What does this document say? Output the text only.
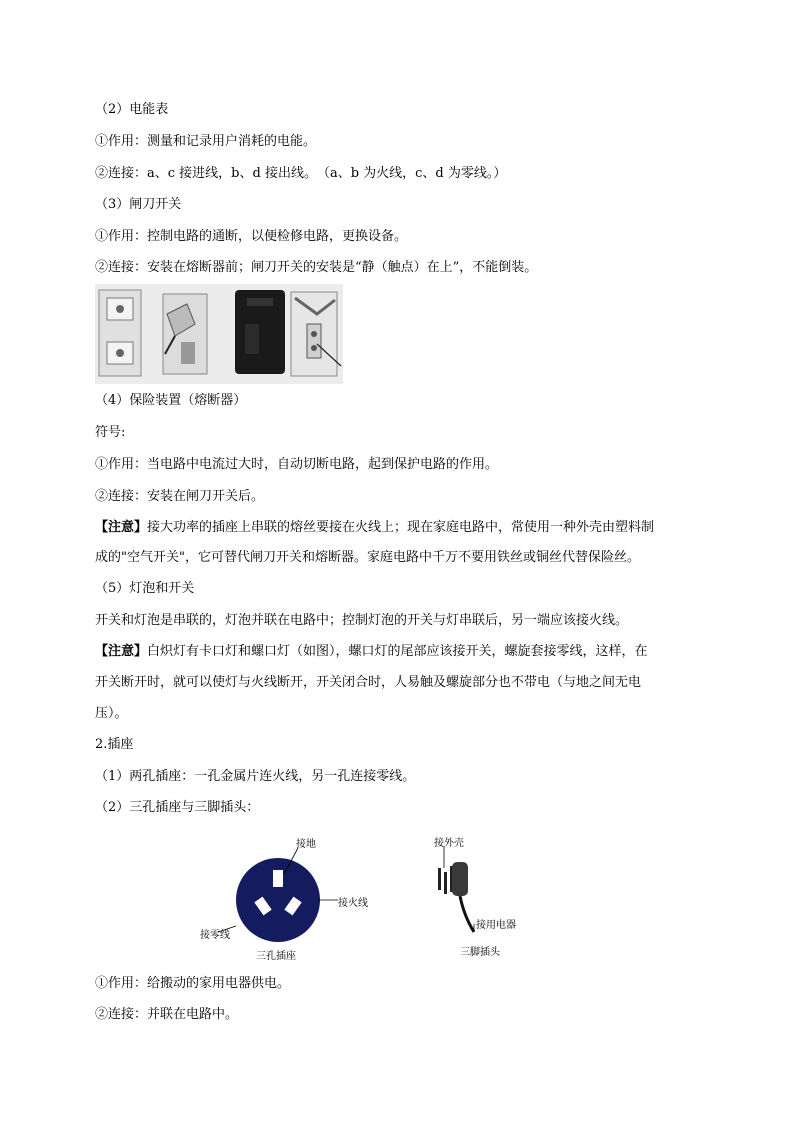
（2）电能表
①作用：测量和记录用户消耗的电能。
②连接：a、c 接进线，b、d 接出线。　（a、b 为火线，c、d 为零线。）
（3）闸刀开关
①作用：控制电路的通断，以便检修电路，更换设备。
②连接：安装在熔断器前；闸刀开关的安装是“静（触点）在上”，不能倒装。
（4）保险装置（熔断器）
符号:
①作用：当电路中电流过大时，自动切断电路，起到保护电路的作用。
②连接：安装在闸刀开关后。
【注意】接大功率的插座上串联的熔丝要接在火线上；现在家庭电路中，常使用一种外壳由塑料制
成的"空气开关"，它可替代闸刀开关和熔断器。家庭电路中千万不要用铁丝或铜丝代替保险丝。
（5）灯泡和开关
开关和灯泡是串联的，灯泡并联在电路中；控制灯泡的开关与灯串联后，另一端应该接火线。
【注意】白炽灯有卡口灯和螺口灯（如图），螺口灯的尾部应该接开关，螺旋套接零线，这样，在
开关断开时，就可以使灯与火线断开，开关闭合时，人易触及螺旋部分也不带电（与地之间无电
压）。
2.插座
（1）两孔插座：一孔金属片连火线，另一孔连接零线。
（2）三孔插座与三脚插头：
接地
接火线
接零线
三孔插座
接外壳
接用电器
三脚插头
①作用：给搬动的家用电器供电。
②连接：并联在电路中。
